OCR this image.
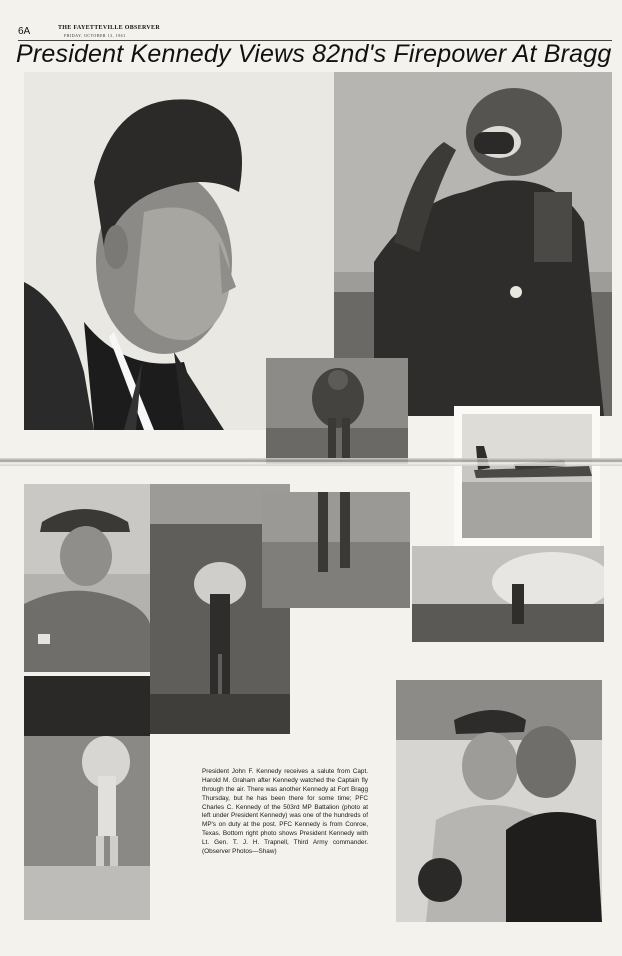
6A	THE FAYETTEVILLE OBSERVER
FRIDAY, OCTOBER 13, 1961
President Kennedy Views 82nd's Firepower At Bragg

President John F. Kennedy receives a salute from Capt. Harold M. Graham after Kennedy watched the Captain fly through the air. There was another Kennedy at Fort Bragg Thursday, but he has been there for some time; PFC Charles C. Kennedy of the 503rd MP Battalion (photo at left under President Kennedy) was one of the hundreds of MP's on duty at the post. PFC Kennedy is from Conroe, Texas. Bottom right photo shows President Kennedy with Lt. Gen. T. J. H. Trapnell, Third Army commander. (Observer Photos—Shaw)
